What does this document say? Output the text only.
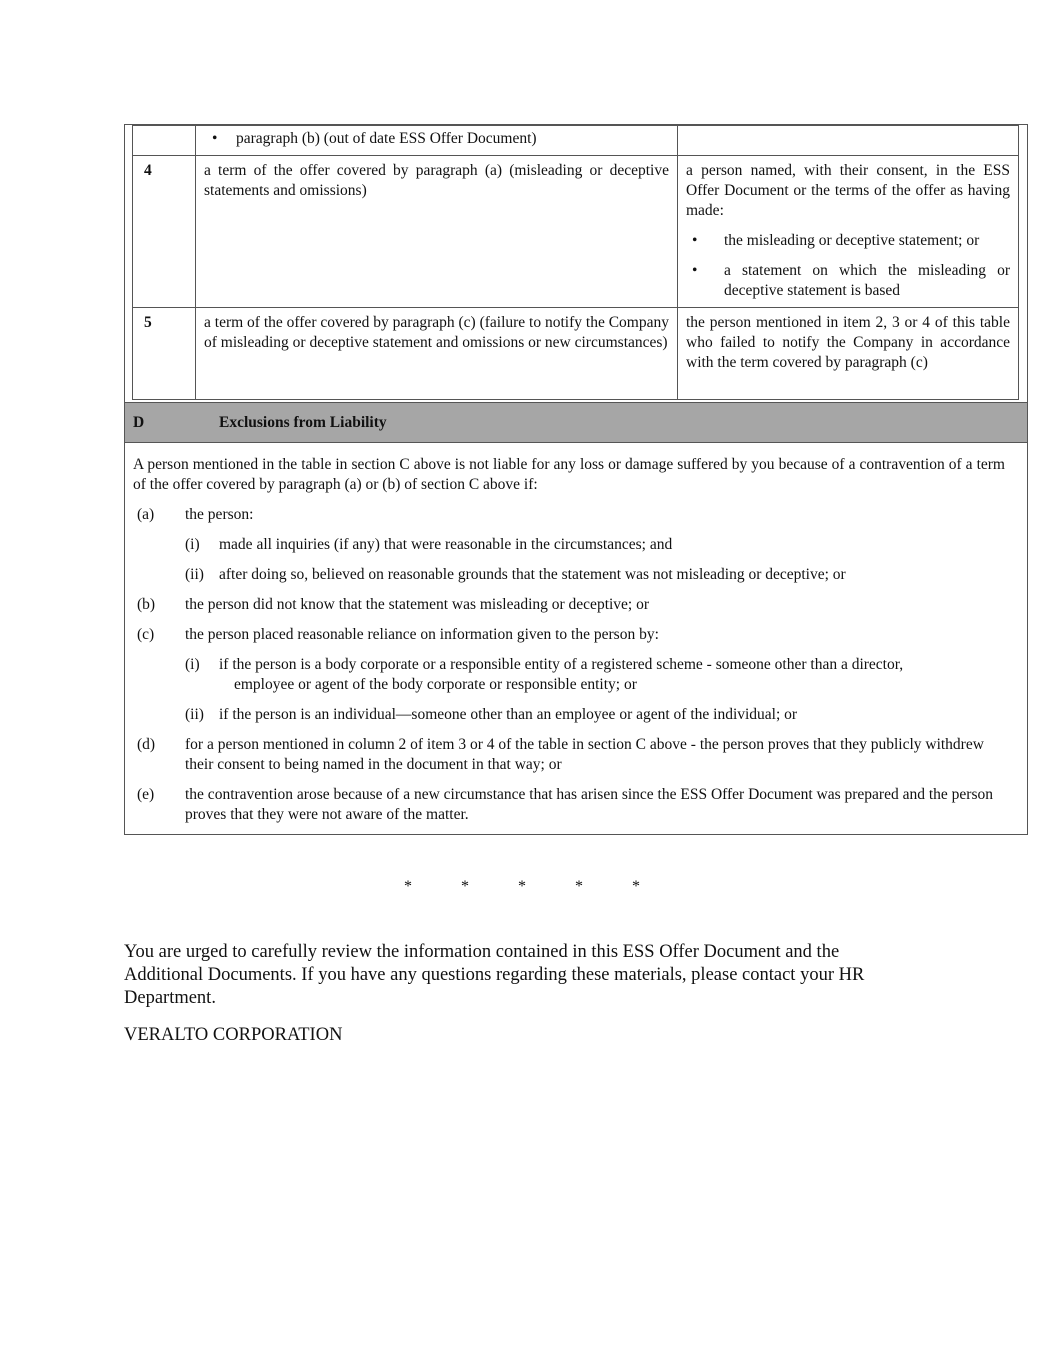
	• paragraph (b) (out of date ESS Offer Document)	

4	a term of the offer covered by paragraph (a) (misleading or deceptive statements and omissions)	a person named, with their consent, in the ESS Offer Document or the terms of the offer as having made:
• the misleading or deceptive statement; or
• a statement on which the misleading or deceptive statement is based

5	a term of the offer covered by paragraph (c) (failure to notify the Company of misleading or deceptive statement and omissions or new circumstances)	the person mentioned in item 2, 3 or 4 of this table who failed to notify the Company in accordance with the term covered by paragraph (c)
D	Exclusions from Liability

A person mentioned in the table in section C above is not liable for any loss or damage suffered by you because of a contravention of a term of the offer covered by paragraph (a) or (b) of section C above if:

(a)	the person:
(i)	made all inquiries (if any) that were reasonable in the circumstances; and
(ii) after doing so, believed on reasonable grounds that the statement was not misleading or deceptive; or
(b)	the person did not know that the statement was misleading or deceptive; or
(c)	the person placed reasonable reliance on information given to the person by:
(i)	if the person is a body corporate or a responsible entity of a registered scheme - someone other than a director,
employee or agent of the body corporate or responsible entity; or
(ii) if the person is an individual—someone other than an employee or agent of the individual; or
(d)	for a person mentioned in column 2 of item 3 or 4 of the table in section C above - the person proves that they publicly withdrew their consent to being named in the document in that way; or
(e)	the contravention arose because of a new circumstance that has arisen since the ESS Offer Document was prepared and the person proves that they were not aware of the matter.
*	*	*	*	*

You are urged to carefully review the information contained in this ESS Offer Document and the Additional Documents. If you have any questions regarding these materials, please contact your HR Department.

VERALTO CORPORATION
